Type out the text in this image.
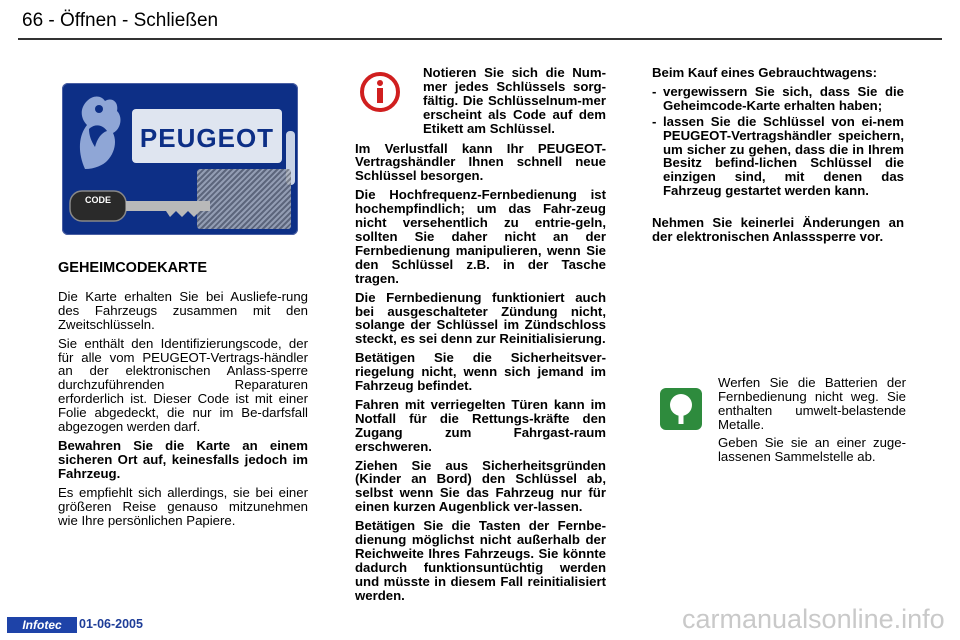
66 - Öffnen - Schließen
PEUGEOT
CODE
GEHEIMCODEKARTE

Die Karte erhalten Sie bei Ausliefe-rung des Fahrzeugs zusammen mit den Zweitschlüsseln.

Sie enthält den Identifizierungscode, der für alle vom PEUGEOT-Vertrags-händler an der elektronischen Anlass-sperre durchzuführenden Reparaturen erforderlich ist. Dieser Code ist mit einer Folie abgedeckt, die nur im Be-darfsfall abgezogen werden darf.

Bewahren Sie die Karte an einem sicheren Ort auf, keinesfalls jedoch im Fahrzeug.

Es empfiehlt sich allerdings, sie bei einer größeren Reise genauso mitzunehmen wie Ihre persönlichen Papiere.

Notieren Sie sich die Num-mer jedes Schlüssels sorg-fältig. Die Schlüsselnum-mer erscheint als Code auf dem Etikett am Schlüssel.

Im Verlustfall kann Ihr PEUGEOT-Vertragshändler Ihnen schnell neue Schlüssel besorgen.

Die Hochfrequenz-Fernbedienung ist hochempfindlich; um das Fahr-zeug nicht versehentlich zu entrie-geln, sollten Sie daher nicht an der Fernbedienung manipulieren, wenn Sie den Schlüssel z.B. in der Tasche tragen.

Die Fernbedienung funktioniert auch bei ausgeschalteter Zündung nicht, solange der Schlüssel im Zündschloss steckt, es sei denn zur Reinitialisierung.

Betätigen Sie die Sicherheitsver-riegelung nicht, wenn sich jemand im Fahrzeug befindet.

Fahren mit verriegelten Türen kann im Notfall für die Rettungs-kräfte den Zugang zum Fahrgast-raum erschweren.

Ziehen Sie aus Sicherheitsgründen (Kinder an Bord) den Schlüssel ab, selbst wenn Sie das Fahrzeug nur für einen kurzen Augenblick ver-lassen.

Betätigen Sie die Tasten der Fernbe-dienung möglichst nicht außerhalb der Reichweite Ihres Fahrzeugs. Sie könnte dadurch funktionsuntüchtig werden und müsste in diesem Fall reinitialisiert werden.

Beim Kauf eines Gebrauchtwagens:

- vergewissern Sie sich, dass Sie die Geheimcode-Karte erhalten haben;
- lassen Sie die Schlüssel von ei-nem PEUGEOT-Vertragshändler speichern, um sicher zu gehen, dass die in Ihrem Besitz befind-lichen Schlüssel die einzigen sind, mit denen das Fahrzeug gestartet werden kann.

Nehmen Sie keinerlei Änderungen an der elektronischen Anlasssperre vor.

Werfen Sie die Batterien der Fernbedienung nicht weg. Sie enthalten umwelt-belastende Metalle.

Geben Sie sie an einer zuge-lassenen Sammelstelle ab.

Infotec	01-06-2005	carmanualsonline.info
